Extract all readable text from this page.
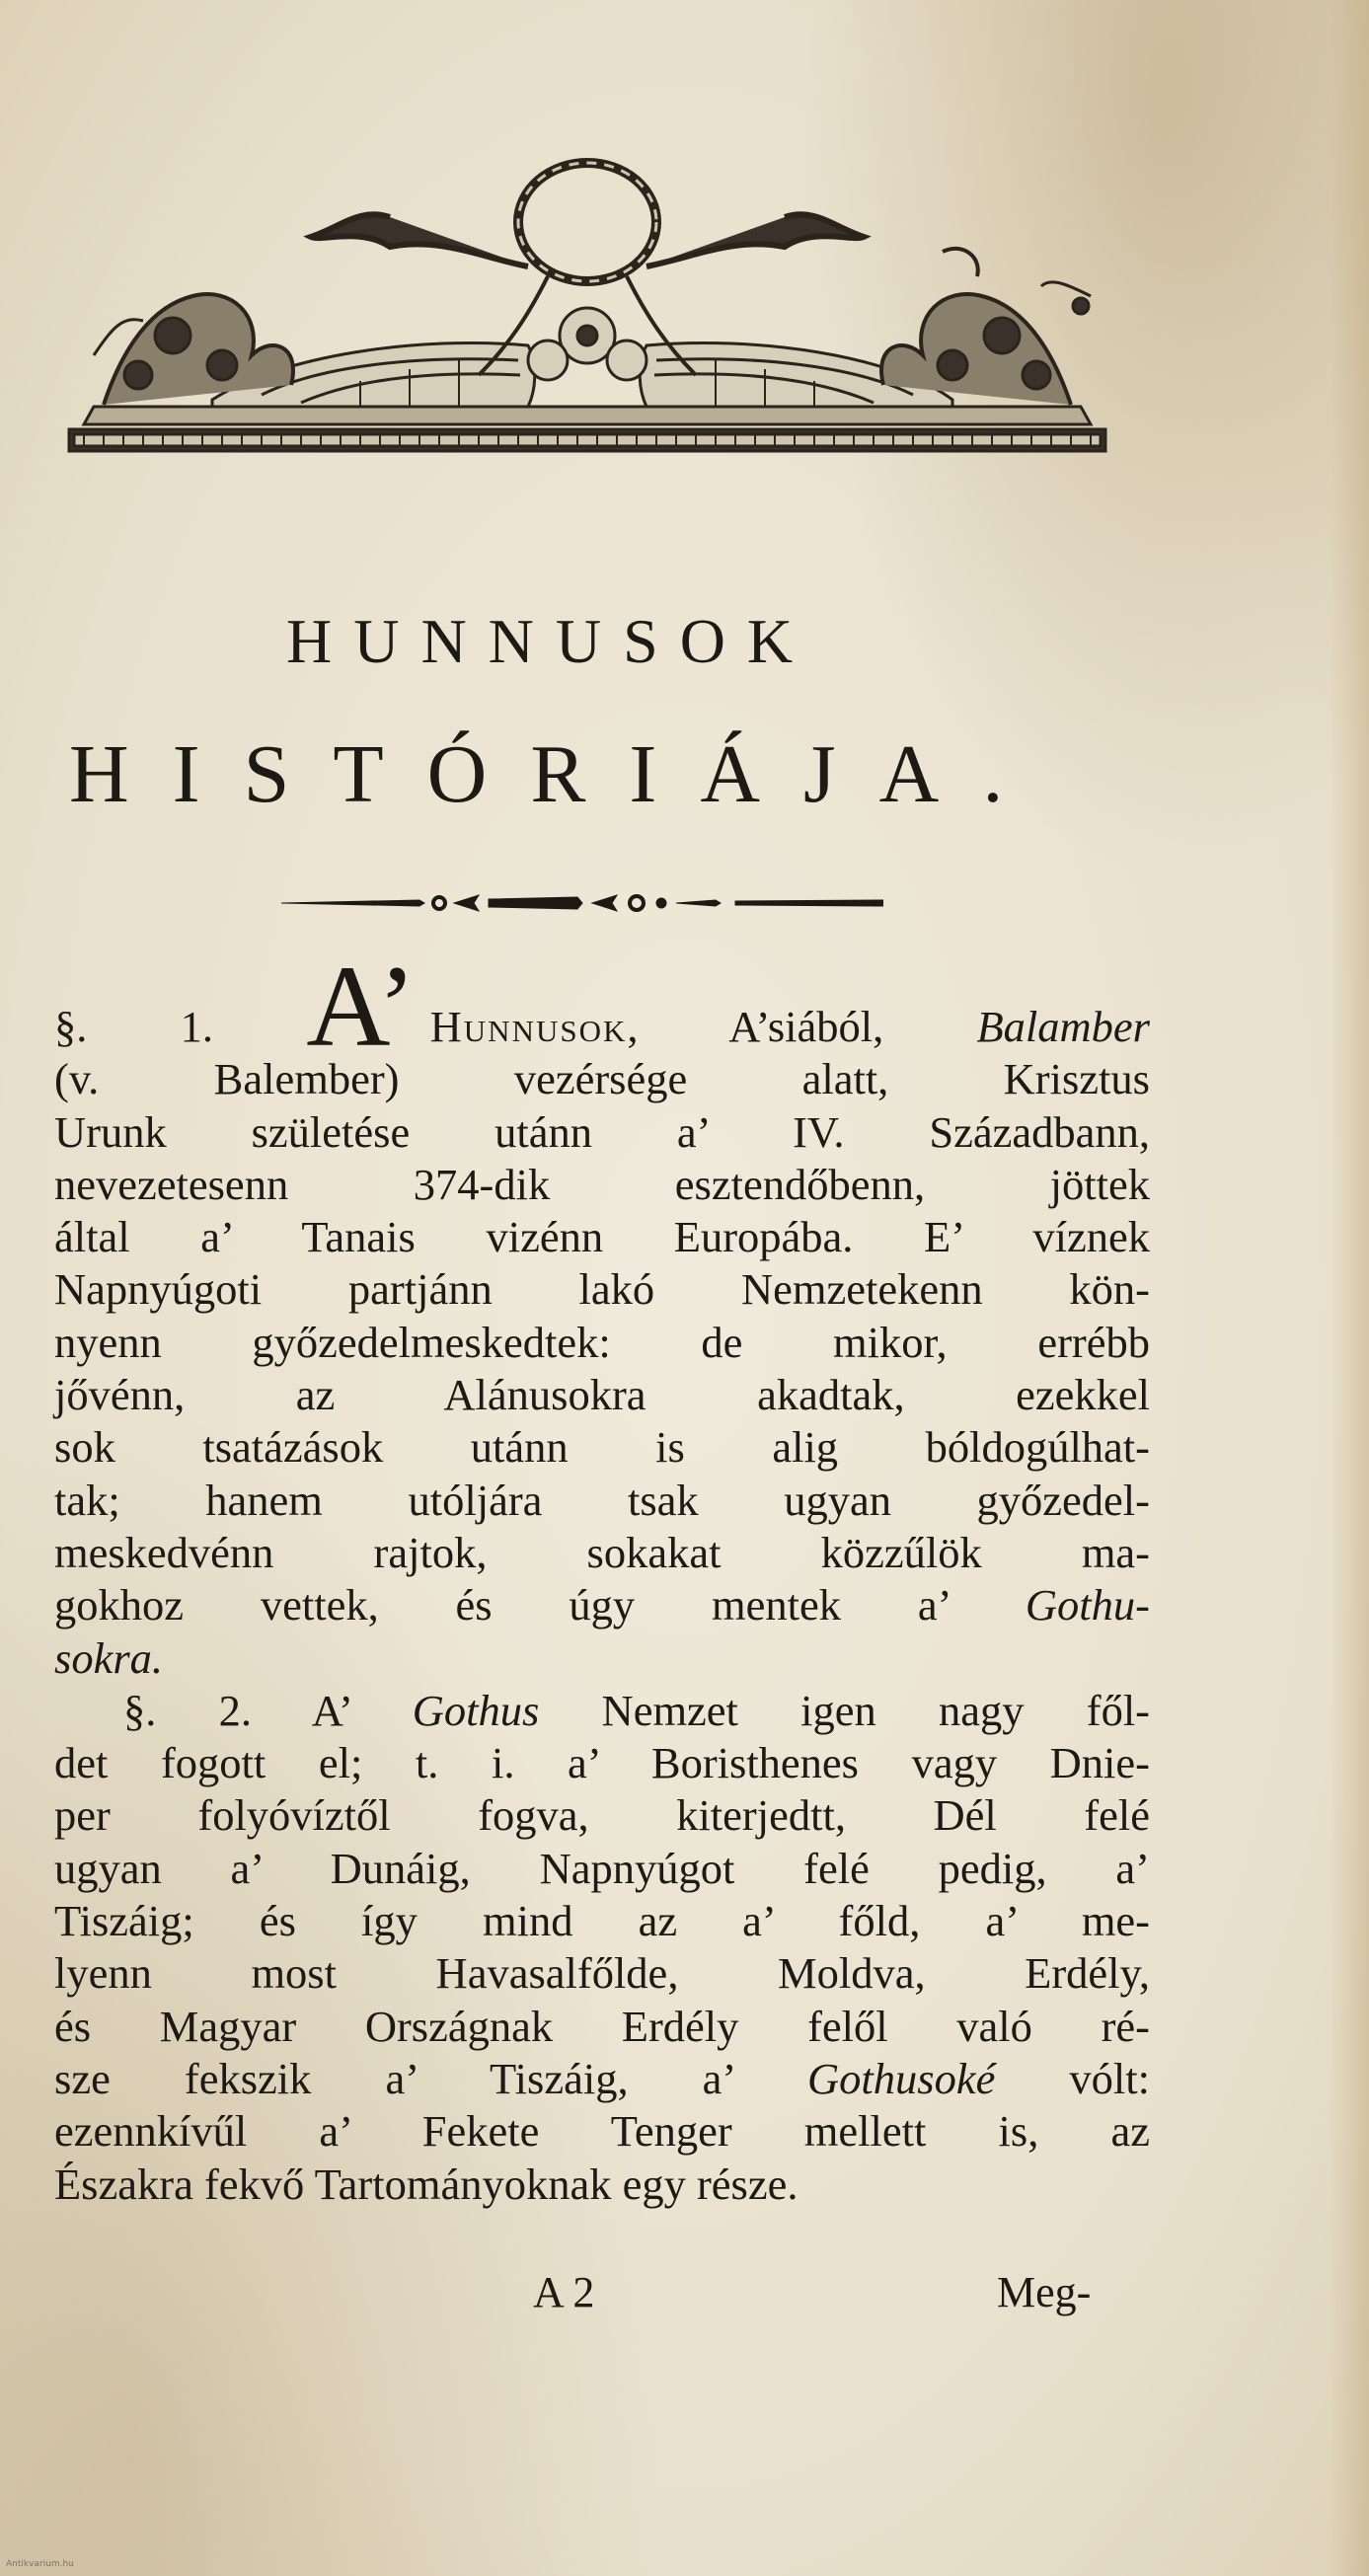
HUNNUSOK
HISTÓRIÁJA.
§. 1. A’ Hunnusok, A’siából, Balamber
(v. Balember) vezérsége alatt, Krisztus
Urunk születése utánn a’ IV. Századbann,
nevezetesenn 374-dik esztendőbenn, jöttek
által a’ Tanais vizénn Europába. E’ víznek
Napnyúgoti partjánn lakó Nemzetekenn kön-
nyenn győzedelmeskedtek: de mikor, errébb
jővénn, az Alánusokra akadtak, ezekkel
sok tsatázások utánn is alig bóldogúlhat-
tak; hanem utóljára tsak ugyan győzedel-
meskedvénn rajtok, sokakat közzűlök ma-
gokhoz vettek, és úgy mentek a’ Gothu-
sokra.
§. 2. A’ Gothus Nemzet igen nagy fől-
det fogott el; t. i. a’ Boristhenes vagy Dnie-
per folyóvíztől fogva, kiterjedtt, Dél felé
ugyan a’ Dunáig, Napnyúgot felé pedig, a’
Tiszáig; és így mind az a’ főld, a’ me-
lyenn most Havasalfőlde, Moldva, Erdély,
és Magyar Országnak Erdély felől való ré-
sze fekszik a’ Tiszáig, a’ Gothusoké vólt:
ezennkívűl a’ Fekete Tenger mellett is, az
Északra fekvő Tartományoknak egy része.
A 2	Meg-
Antikvarium.hu
